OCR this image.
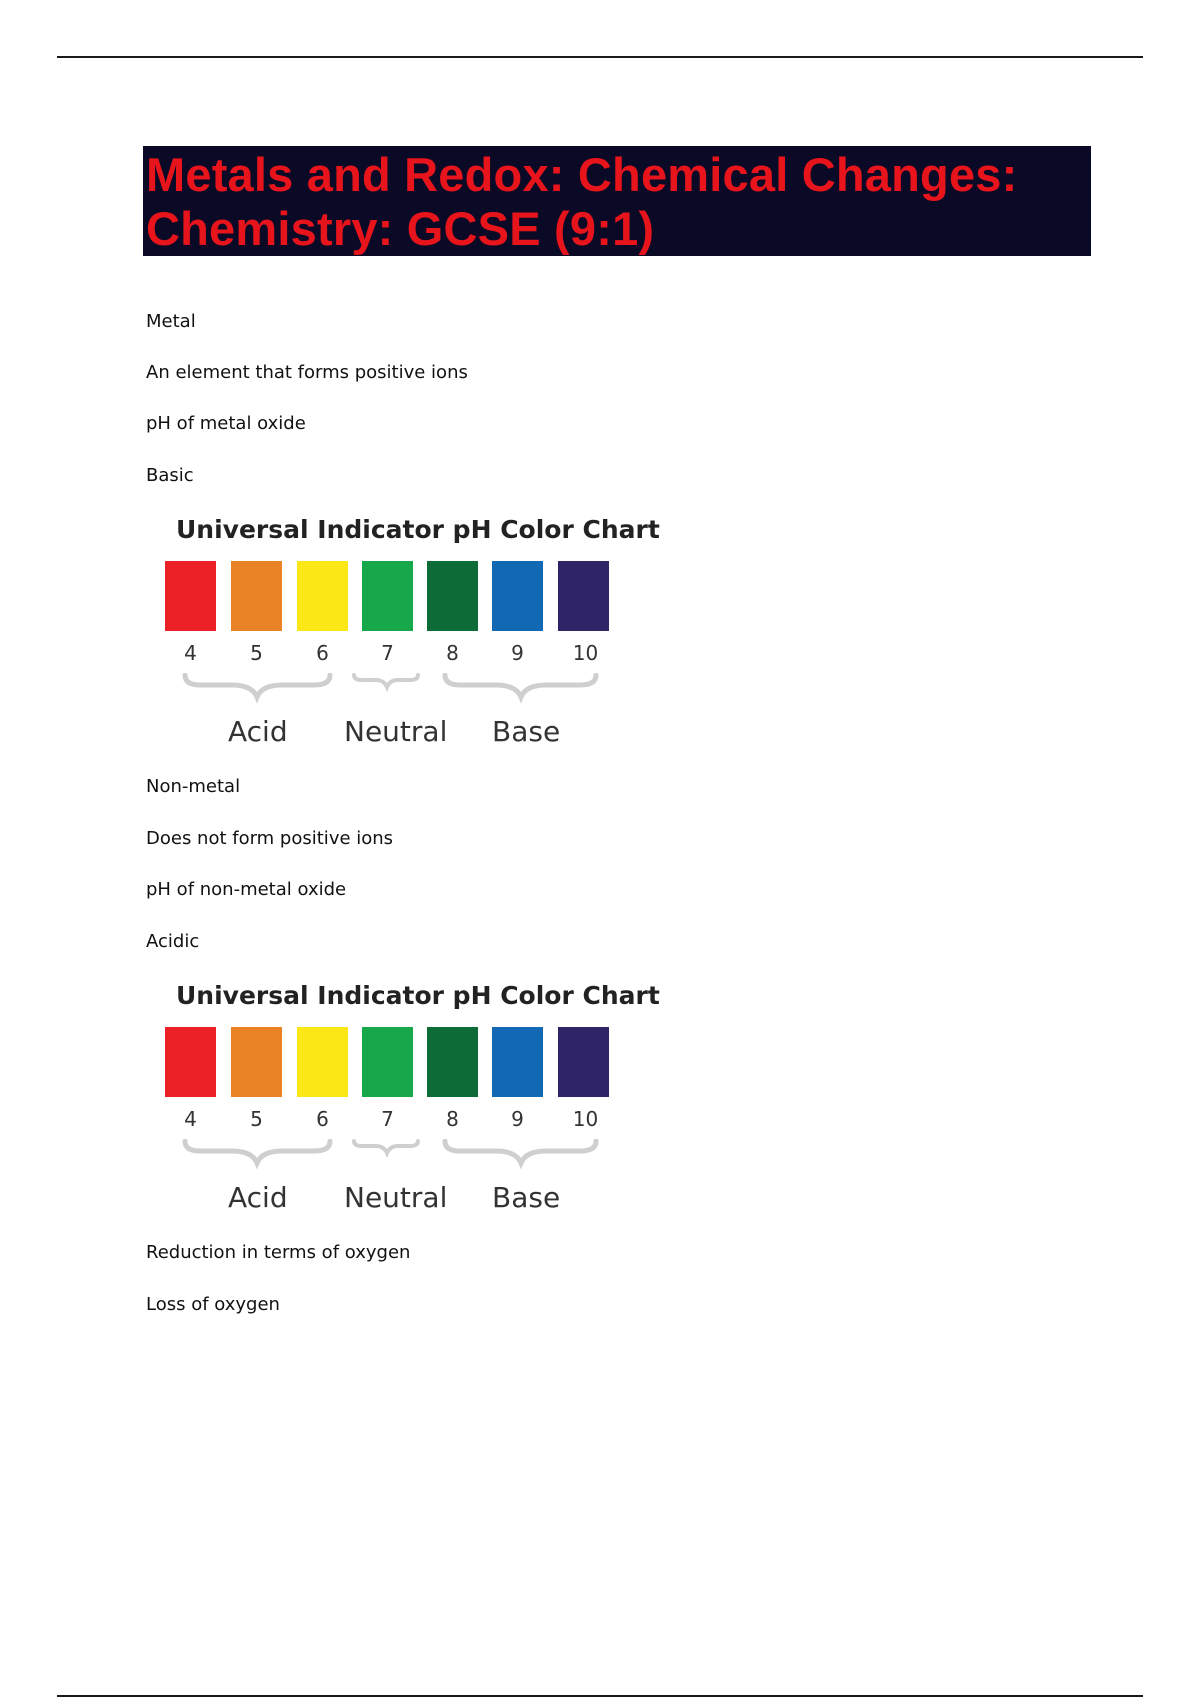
Metals and Redox: Chemical Changes: Chemistry: GCSE (9:1)

Metal

An element that forms positive ions

pH of metal oxide

Basic

Universal Indicator pH Color Chart

4	5	6	7	8	9	10
Acid Neutral Base

Non-metal

Does not form positive ions

pH of non-metal oxide

Acidic

Universal Indicator pH Color Chart

4	5	6	7	8	9	10
Acid Neutral Base

Reduction in terms of oxygen

Loss of oxygen
